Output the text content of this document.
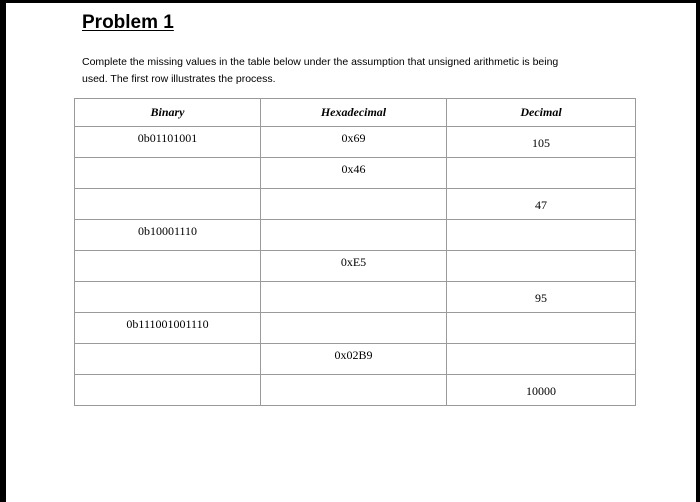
Problem 1
Complete the missing values in the table below under the assumption that unsigned arithmetic is being
used. The first row illustrates the process.
Binary	Hexadecimal	Decimal
0b01101001	0x69	105
	0x46	
		47
0b10001110		
	0xE5	
		95
0b111001001110		
	0x02B9	
		10000
